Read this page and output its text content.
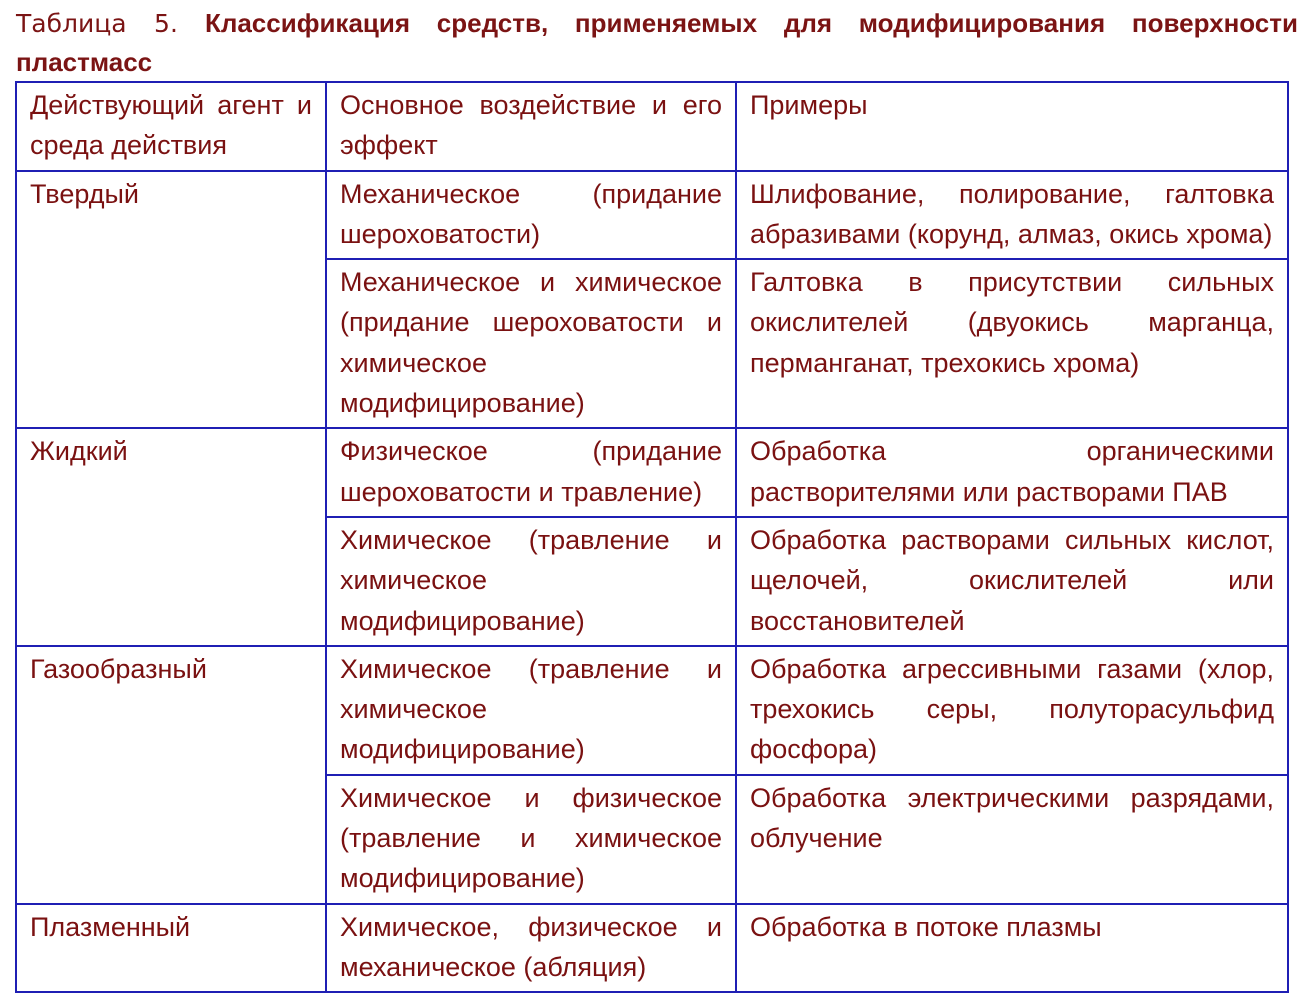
Таблица 5. Классификация средств, применяемых для модифицирования поверхности пластмасс
Действующий агент и среда действия	Основное воздействие и его эффект	Примеры
Твердый	Механическое (придание шероховатости)	Шлифование, полирование, галтовка абразивами (корунд, алмаз, окись хрома)
	Механическое и химическое (придание шероховатости и химическое модифицирование)	Галтовка в присутствии сильных окислителей (двуокись марганца, перманганат, трехокись хрома)
Жидкий	Физическое (придание шероховатости и травление)	Обработка органическими растворителями или растворами ПАВ
	Химическое (травление и химическое модифицирование)	Обработка растворами сильных кислот, щелочей, окислителей или восстановителей
Газообразный	Химическое (травление и химическое модифицирование)	Обработка агрессивными газами (хлор, трехокись серы, полуторасульфид фосфора)
	Химическое и физическое (травление и химическое модифицирование)	Обработка электрическими разрядами, облучение
Плазменный	Химическое, физическое и механическое (абляция)	Обработка в потоке плазмы
